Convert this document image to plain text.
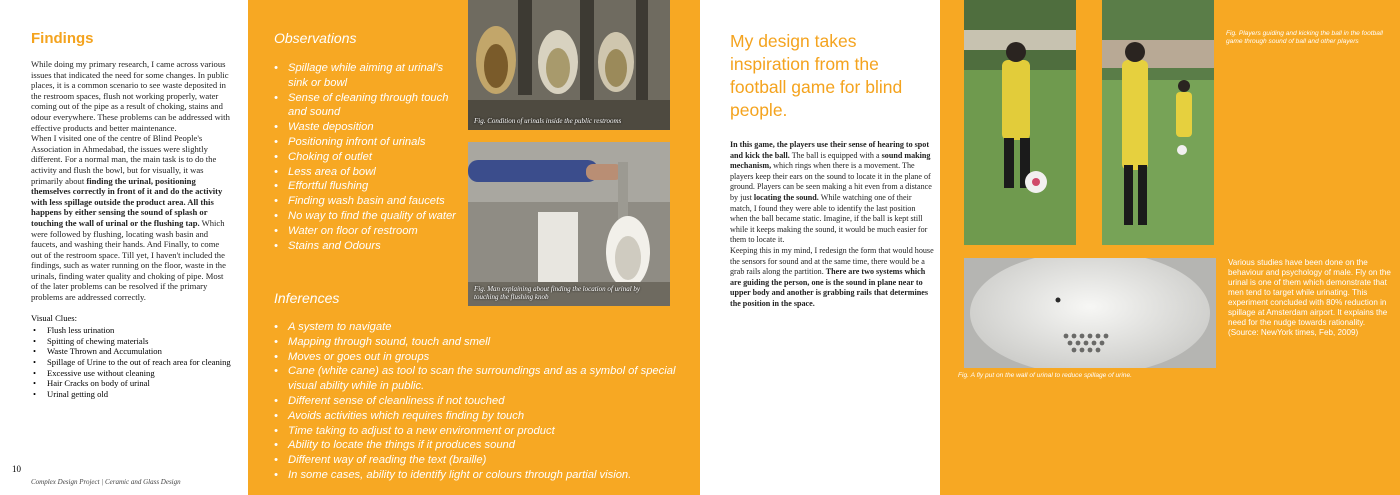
Findings

While doing my primary research, I came across various issues that indicated the need for some changes. In public places, it is a common scenario to see waste deposited in the restroom spaces, flush not working properly, water coming out of the pipe as a result of choking, stains and odour everywhere. These problems can be addressed with effective products and better maintenance.

When I visited one of the centre of Blind People's Association in Ahmedabad, the issues were slightly different. For a normal man, the main task is to do the activity and flush the bowl, but for visually, it was primarily about finding the urinal, positioning themselves correctly in front of it and do the activity with less spillage outside the product area. All this happens by either sensing the sound of splash or touching the wall of urinal or the flushing tap. Which were followed by flushing, locating wash basin and faucets, and washing their hands. And Finally, to come out of the restroom space. Till yet, I haven't included the findings, such as water running on the floor, waste in the urinals, finding water quality and choking of pipe. Most of the later problems can be resolved if the primary problems are addressed correctly.

Visual Clues:
• Flush less urination
• Spitting of chewing materials
• Waste Thrown and Accumulation
• Spillage of Urine to the out of reach area for cleaning
• Excessive use without cleaning
• Hair Cracks on body of urinal
• Urinal getting old
10
Complex Design Project | Ceramic and Glass Design
Observations
• Spillage while aiming at urinal's sink or bowl
• Sense of cleaning through touch and sound
• Waste deposition
• Positioning infront of urinals
• Choking of outlet
• Less area of bowl
• Effortful flushing
• Finding wash basin and faucets
• No way to find the quality of water
• Water on floor of restroom
• Stains and Odours
Fig. Condition of urinals inside the public restrooms
Fig. Man explaining about finding the location of urinal by touching the flushing knob
Inferences
• A system to navigate
• Mapping through sound, touch and smell
• Moves or goes out in groups
• Cane (white cane) as tool to scan the surroundings and as a symbol of special visual ability while in public.
• Different sense of cleanliness if not touched
• Avoids activities which requires finding by touch
• Time taking to adjust to a new environment or product
• Ability to locate the things if it produces sound
• Different way of reading the text (braille)
• In some cases, ability to identify light or colours through partial vision.
My design takes inspiration from the football game for blind people.

In this game, the players use their sense of hearing to spot and kick the ball. The ball is equipped with a sound making mechanism, which rings when there is a movement. The players keep their ears on the sound to locate it in the plane of ground. Players can be seen making a hit even from a distance by just locating the sound. While watching one of their match, I found they were able to identify the last position when the ball became static. Imagine, if the ball is kept still while it keeps making the sound, it would be much easier for them to locate it.

Keeping this in my mind, I redesign the form that would house the sensors for sound and at the same time, there would be a grab rails along the partition. There are two systems which are guiding the person, one is the sound in plane near to upper body and another is grabbing rails that determines the position in the space.

Fig. Players guiding and kicking the ball in the football game through sound of ball and other players
Fig. A fly put on the wall of urinal to reduce spillage of urine.

Various studies have been done on the behaviour and psychology of male. Fly on the urinal is one of them which demonstrate that men tend to target while urinating. This experiment concluded with 80% reduction in spillage at Amsterdam airport. It explains the need for the nudge towards rationality.

(Source: NewYork times, Feb, 2009)
